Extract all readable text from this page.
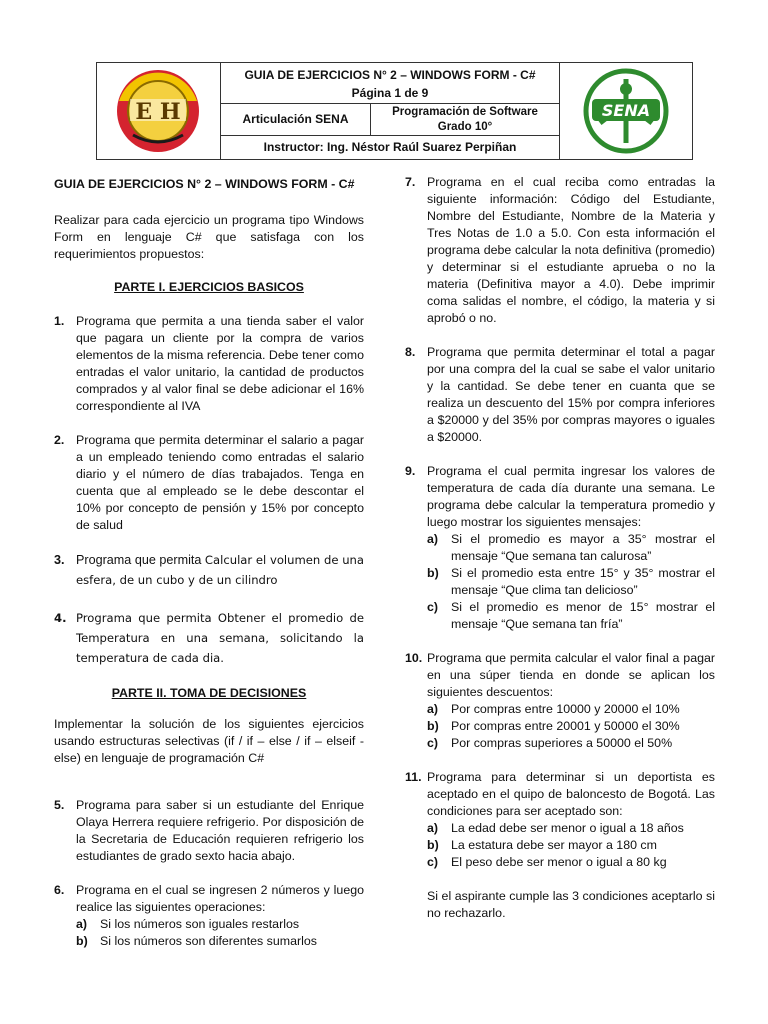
E H
GUIA DE EJERCICIOS N° 2 – WINDOWS FORM - C#
Página 1 de 9
Articulación SENA	Programación de Software
Grado 10°
Instructor: Ing. Néstor Raúl Suarez Perpiñan
SENA

GUIA DE EJERCICIOS N° 2 – WINDOWS FORM - C#

Realizar para cada ejercicio un programa tipo Windows Form en lenguaje C# que satisfaga con los requerimientos propuestos:

PARTE I. EJERCICIOS BASICOS

1. Programa que permita a una tienda saber el valor que pagara un cliente por la compra de varios elementos de la misma referencia. Debe tener como entradas el valor unitario, la cantidad de productos comprados y al valor final se debe adicionar el 16% correspondiente al IVA
2. Programa que permita determinar el salario a pagar a un empleado teniendo como entradas el salario diario y el número de días trabajados. Tenga en cuenta que al empleado se le debe descontar el 10% por concepto de pensión y 15% por concepto de salud
3. Programa que permita Calcular el volumen de una esfera, de un cubo y de un cilindro
4. Programa que permita Obtener el promedio de Temperatura en una semana, solicitando la temperatura de cada dia.

PARTE II. TOMA DE DECISIONES

Implementar la solución de los siguientes ejercicios usando estructuras selectivas (if / if – else / if – elseif - else) en lenguaje de programación C#

5. Programa para saber si un estudiante del Enrique Olaya Herrera requiere refrigerio. Por disposición de la Secretaria de Educación requieren refrigerio los estudiantes de grado sexto hacia abajo.
6. Programa en el cual se ingresen 2 números y luego realice las siguientes operaciones:
a) Si los números son iguales restarlos
b) Si los números son diferentes sumarlos
7. Programa en el cual reciba como entradas la siguiente información: Código del Estudiante, Nombre del Estudiante, Nombre de la Materia y Tres Notas de 1.0 a 5.0. Con esta información el programa debe calcular la nota definitiva (promedio) y determinar si el estudiante aprueba o no la materia (Definitiva mayor a 4.0). Debe imprimir coma salidas el nombre, el código, la materia y si aprobó o no.
8. Programa que permita determinar el total a pagar por una compra del la cual se sabe el valor unitario y la cantidad. Se debe tener en cuanta que se realiza un descuento del 15% por compra inferiores a $20000 y del 35% por compras mayores o iguales a $20000.
9. Programa el cual permita ingresar los valores de temperatura de cada día durante una semana. Le programa debe calcular la temperatura promedio y luego mostrar los siguientes mensajes:
a) Si el promedio es mayor a 35° mostrar el mensaje “Que semana tan calurosa”
b) Si el promedio esta entre 15° y 35° mostrar el mensaje “Que clima tan delicioso”
c) Si el promedio es menor de 15° mostrar el mensaje “Que semana tan fría”
10. Programa que permita calcular el valor final a pagar en una súper tienda en donde se aplican los siguientes descuentos:
a) Por compras entre 10000 y 20000 el 10%
b) Por compras entre 20001 y 50000 el 30%
c) Por compras superiores a 50000 el 50%
11. Programa para determinar si un deportista es aceptado en el quipo de baloncesto de Bogotá. Las condiciones para ser aceptado son:
a) La edad debe ser menor o igual a 18 años
b) La estatura debe ser mayor a 180 cm
c) El peso debe ser menor o igual a 80 kg

Si el aspirante cumple las 3 condiciones aceptarlo si no rechazarlo.
